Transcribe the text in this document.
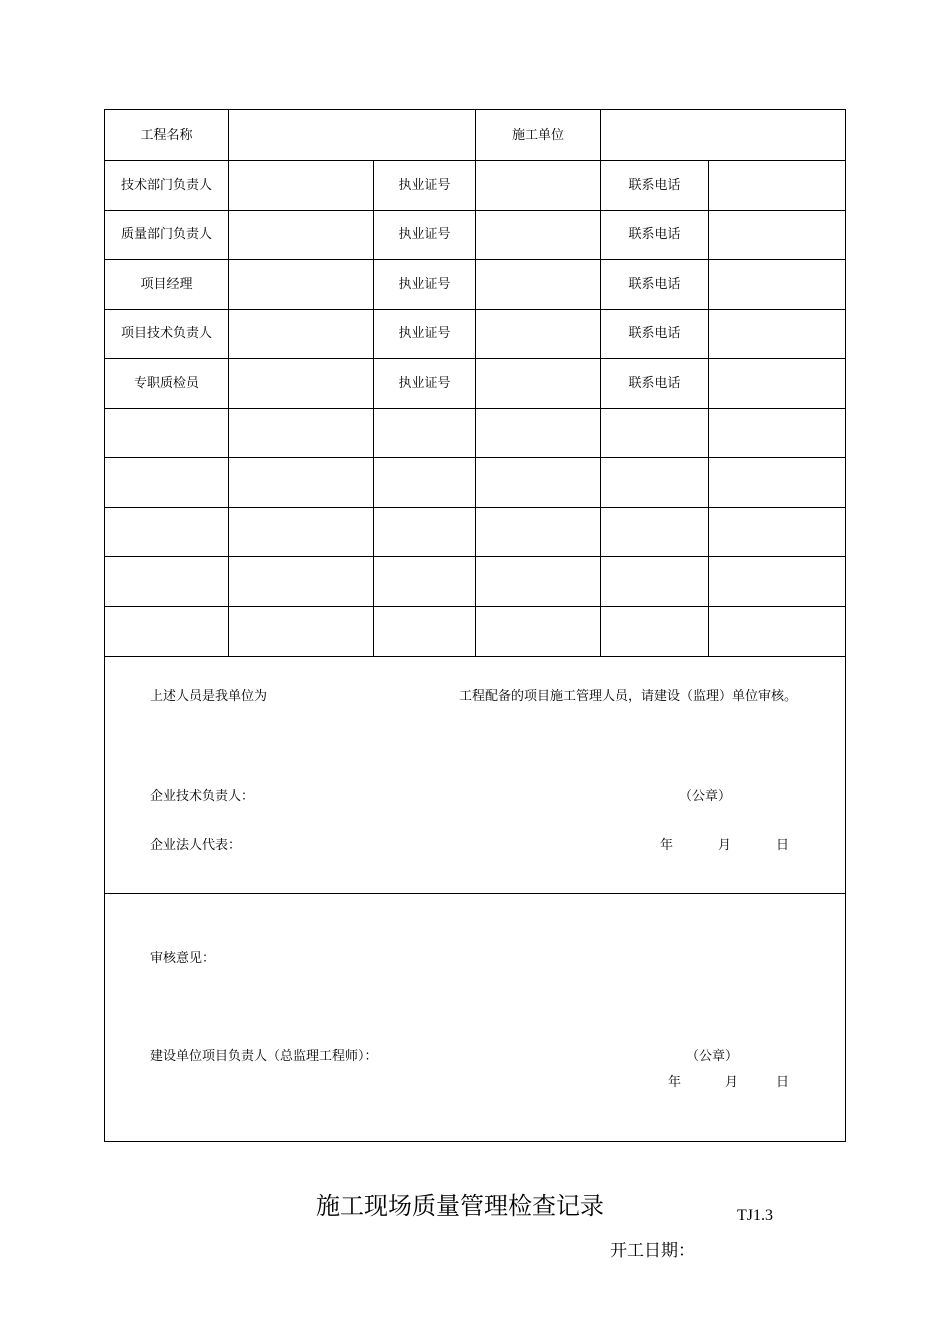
工程名称	施工单位
技术部门负责人	执业证号	联系电话
质量部门负责人	执业证号	联系电话
项目经理	执业证号	联系电话
项目技术负责人	执业证号	联系电话
专职质检员	执业证号	联系电话
上述人员是我单位为	工程配备的项目施工管理人员，请建设（监理）单位审核。
企业技术负责人：	（公章）
企业法人代表：	年	月	日
审核意见：
建设单位项目负责人（总监理工程师）：	（公章）
年	月	日
施工现场质量管理检查记录	TJ1.3
开工日期：
